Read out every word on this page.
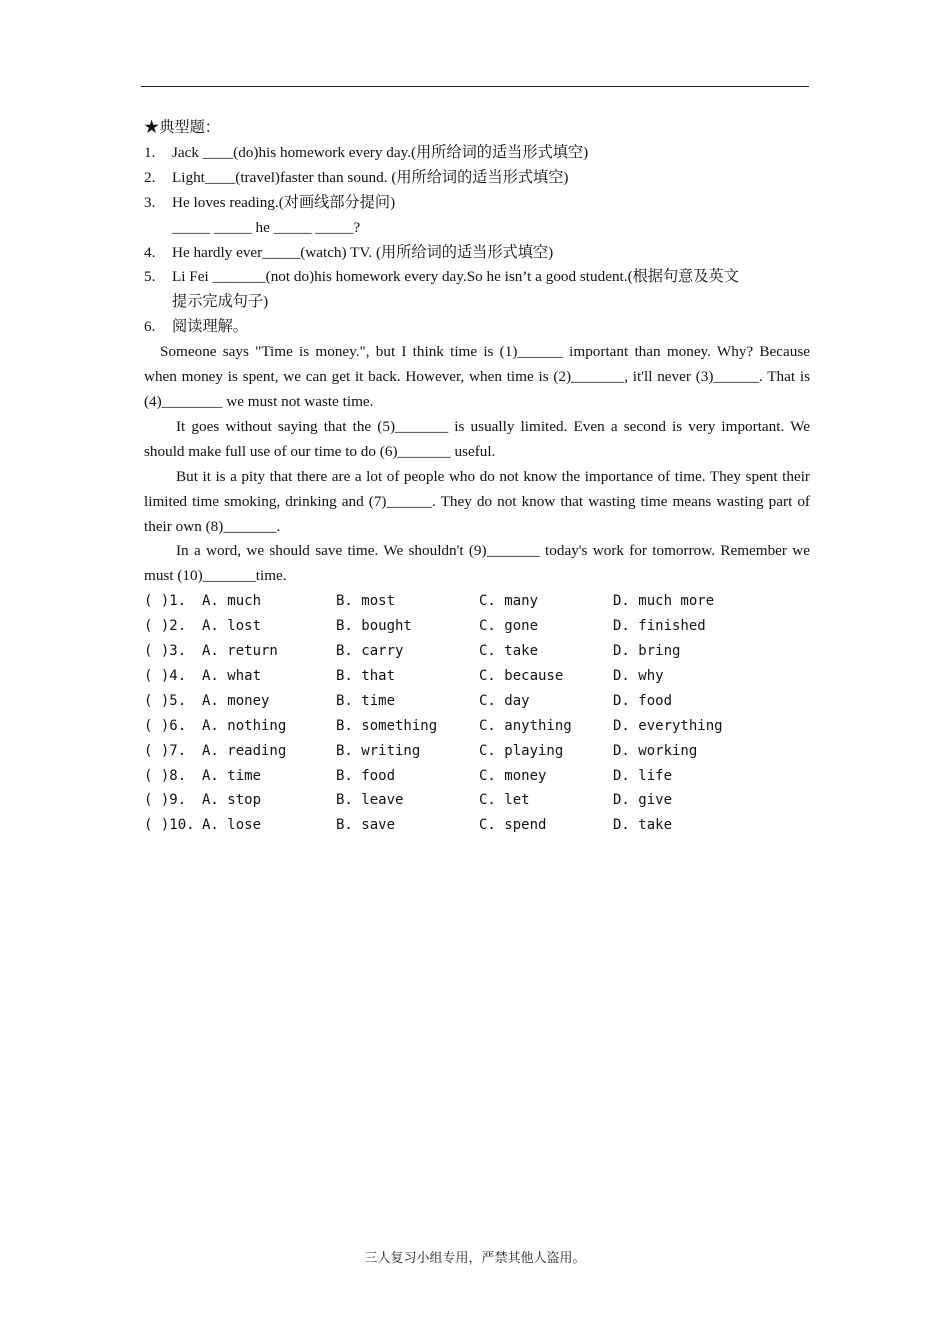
★典型题：
1. Jack ____(do)his homework every day.(用所给词的适当形式填空)
2. Light____(travel)faster than sound. (用所给词的适当形式填空)
3. He loves reading.(对画线部分提问)
_____ _____ he _____ _____?
4. He hardly ever_____(watch) TV. (用所给词的适当形式填空)
5. Li Fei _______(not do)his homework every day.So he isn’t a good student.(根据句意及英文
提示完成句子)
6. 阅读理解。
Someone says "Time is money.", but I think time is (1)______ important than money. Why? Because when money is spent, we can get it back. However, when time is (2)_______, it'll never (3)______. That is (4)________ we must not waste time.
It goes without saying that the (5)_______ is usually limited. Even a second is very important. We should make full use of our time to do (6)_______ useful.
But it is a pity that there are a lot of people who do not know the importance of time. They spent their limited time smoking, drinking and (7)______. They do not know that wasting time means wasting part of their own (8)_______.
In a word, we should save time. We shouldn't (9)_______ today's work for tomorrow. Remember we must (10)_______time.
( )1.	A. much	B. most	C. many	D. much more
( )2.	A. lost	B. bought	C. gone	D. finished
( )3.	A. return	B. carry	C. take	D. bring
( )4.	A. what	B. that	C. because	D. why
( )5.	A. money	B. time	C. day	D. food
( )6.	A. nothing	B. something	C. anything	D. everything
( )7.	A. reading	B. writing	C. playing	D. working
( )8.	A. time	B. food	C. money	D. life
( )9.	A. stop	B. leave	C. let	D. give
( )10. A. lose	B. save	C. spend	D. take
三人复习小组专用，严禁其他人盗用。
